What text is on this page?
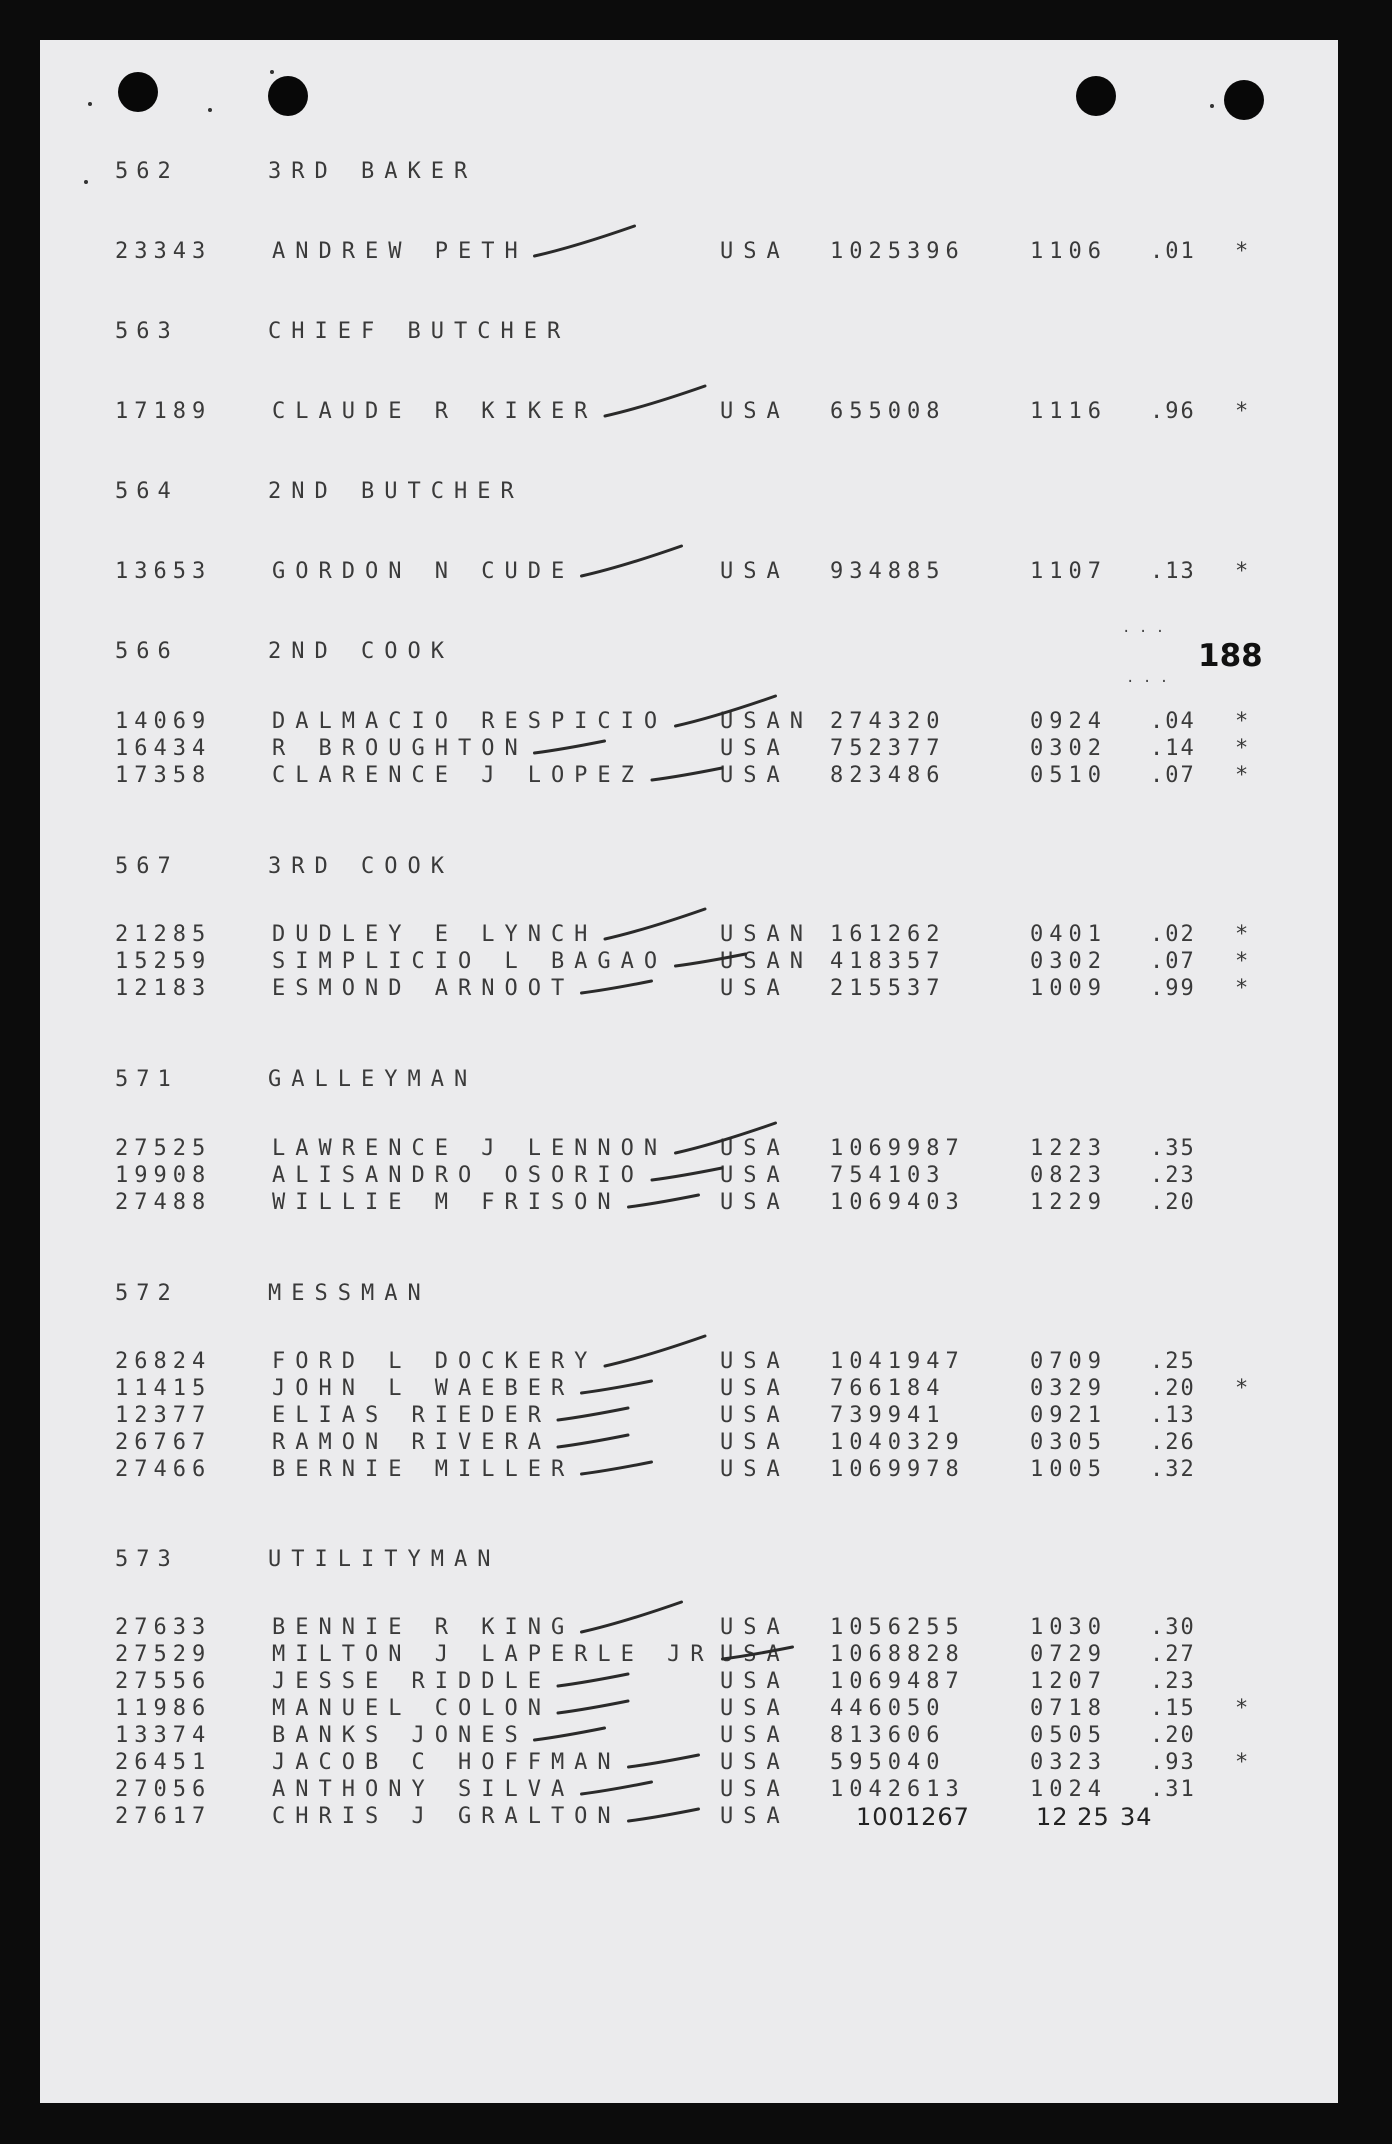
. . .
. . .
188
562	3RD BAKER
23343	ANDREW PETH	USA 1025396	1106 .01 *
563	CHIEF BUTCHER
17189	CLAUDE R KIKER	USA 655008	1116 .96 *
564	2ND BUTCHER
13653	GORDON N CUDE	USA 934885	1107 .13 *
566	2ND COOK
14069	DALMACIO RESPICIO USAN 274320	0924 .04 *
16434	R BROUGHTON	USA 752377	0302 .14 *
17358	CLARENCE J LOPEZ	USA 823486	0510 .07 *
567	3RD COOK
21285	DUDLEY E LYNCH	USAN 161262	0401 .02 *
15259	SIMPLICIO L BAGAO USAN 418357	0302 .07 *
12183	ESMOND ARNOOT	USA 215537	1009 .99 *
571	GALLEYMAN
27525	LAWRENCE J LENNON USA 1069987	1223 .35
19908	ALISANDRO OSORIO	USA 754103	0823 .23
27488	WILLIE M FRISON	USA 1069403	1229 .20
572	MESSMAN
26824	FORD L DOCKERY	USA 1041947	0709 .25
11415	JOHN L WAEBER	USA 766184	0329 .20 *
12377	ELIAS RIEDER	USA 739941	0921 .13
26767	RAMON RIVERA	USA 1040329	0305 .26
27466	BERNIE MILLER	USA 1069978	1005 .32
573	UTILITYMAN
27633	BENNIE R KING	USA 1056255	1030 .30
27529	MILTON J LAPERLE JR USA 1068828	0729 .27
27556	JESSE RIDDLE	USA 1069487	1207 .23
11986	MANUEL COLON	USA 446050	0718 .15 *
13374	BANKS JONES	USA 813606	0505 .20
26451	JACOB C HOFFMAN	USA 595040	0323 .93 *
27056	ANTHONY SILVA	USA 1042613	1024 .31
27617	CHRIS J GRALTON	USA	1001267	12 25 34
